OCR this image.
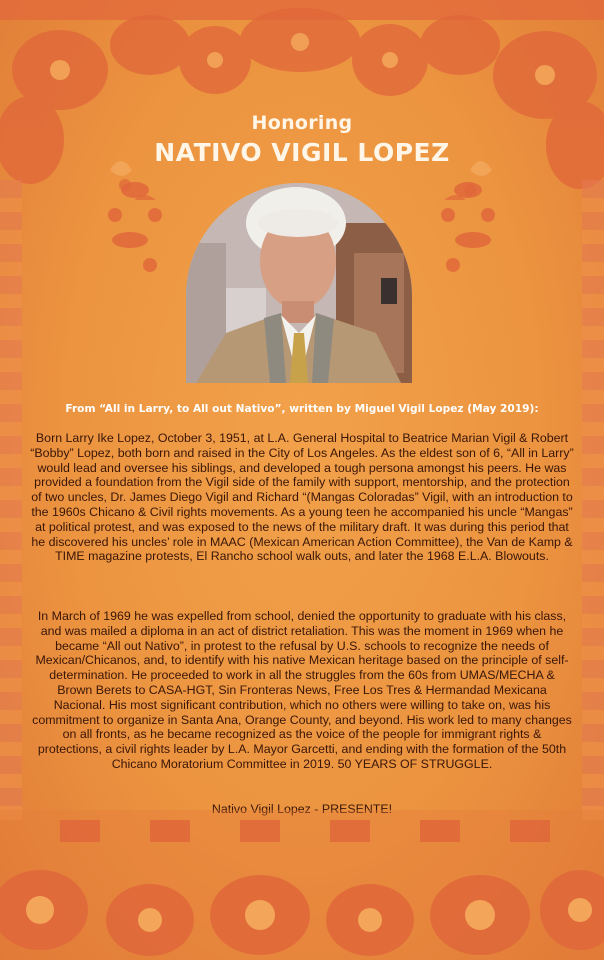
Honoring
NATIVO VIGIL LOPEZ
From “All in Larry, to All out Nativo”, written by Miguel Vigil Lopez (May 2019):

Born Larry Ike Lopez, October 3, 1951, at L.A. General Hospital to Beatrice Marian Vigil & Robert “Bobby” Lopez, both born and raised in the City of Los Angeles. As the eldest son of 6, “All in Larry” would lead and oversee his siblings, and developed a tough persona amongst his peers. He was provided a foundation from the Vigil side of the family with support, mentorship, and the protection of two uncles, Dr. James Diego Vigil and Richard “(Mangas Coloradas” Vigil, with an introduction to the 1960s Chicano & Civil rights movements. As a young teen he accompanied his uncle “Mangas” at political protest, and was exposed to the news of the military draft. It was during this period that he discovered his uncles’ role in MAAC (Mexican American Action Committee), the Van de Kamp & TIME magazine protests, El Rancho school walk outs, and later the 1968 E.L.A. Blowouts.

In March of 1969 he was expelled from school, denied the opportunity to graduate with his class, and was mailed a diploma in an act of district retaliation. This was the moment in 1969 when he became “All out Nativo”, in protest to the refusal by U.S. schools to recognize the needs of Mexican/Chicanos, and, to identify with his native Mexican heritage based on the principle of self-determination. He proceeded to work in all the struggles from the 60s from UMAS/MECHA & Brown Berets to CASA-HGT, Sin Fronteras News, Free Los Tres & Hermandad Mexicana Nacional. His most significant contribution, which no others were willing to take on, was his commitment to organize in Santa Ana, Orange County, and beyond. His work led to many changes on all fronts, as he became recognized as the voice of the people for immigrant rights & protections, a civil rights leader by L.A. Mayor Garcetti, and ending with the formation of the 50th Chicano Moratorium Committee in 2019. 50 YEARS OF STRUGGLE.

Nativo Vigil Lopez - PRESENTE!
